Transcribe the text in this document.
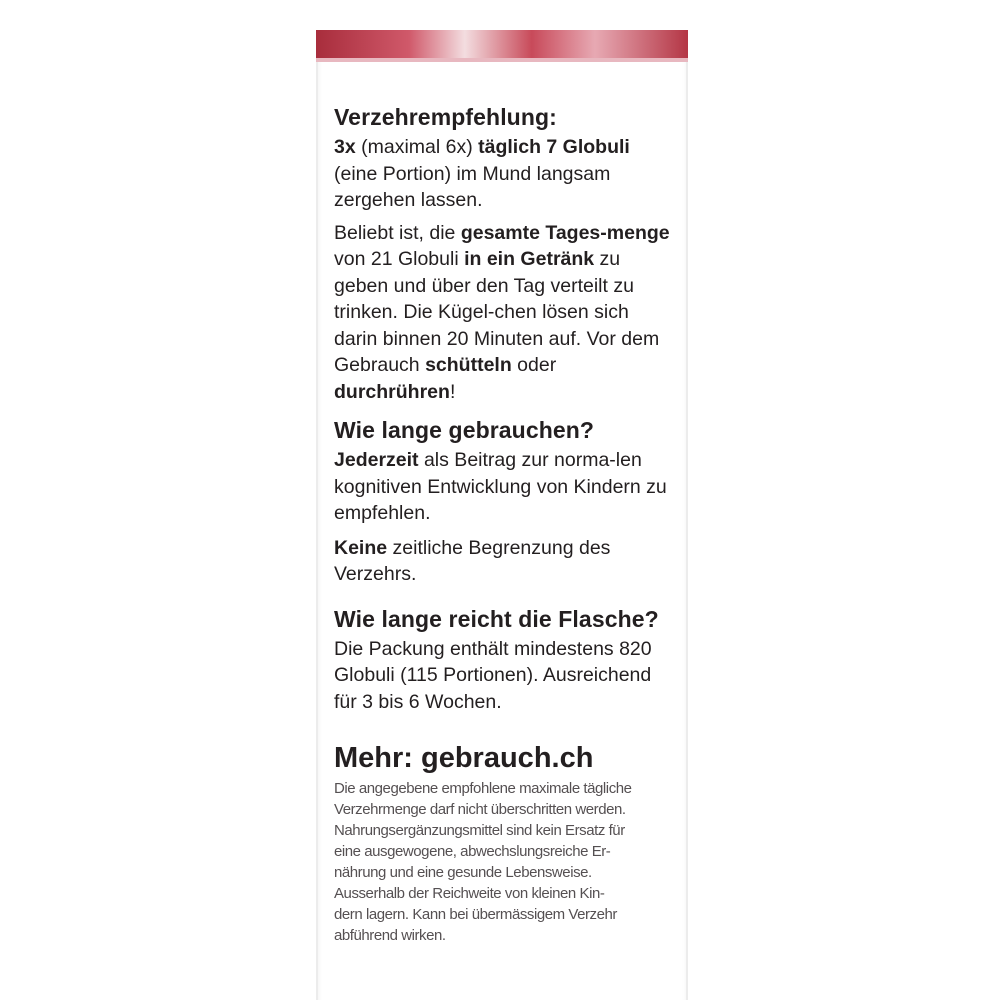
Verzehrempfehlung:

3x (maximal 6x) täglich 7 Globuli (eine Portion) im Mund langsam zergehen lassen.

Beliebt ist, die gesamte Tages-menge von 21 Globuli in ein Getränk zu geben und über den Tag verteilt zu trinken. Die Kügel-chen lösen sich darin binnen 20 Minuten auf. Vor dem Gebrauch schütteln oder durchrühren!

Wie lange gebrauchen?

Jederzeit als Beitrag zur norma-len kognitiven Entwicklung von Kindern zu empfehlen.

Keine zeitliche Begrenzung des Verzehrs.

Wie lange reicht die Flasche?

Die Packung enthält mindestens 820 Globuli (115 Portionen). Ausreichend für 3 bis 6 Wochen.

Mehr: gebrauch.ch
Die angegebene empfohlene maximale tägliche
Verzehrmenge darf nicht überschritten werden.
Nahrungsergänzungsmittel sind kein Ersatz für
eine ausgewogene, abwechslungsreiche Er-
nährung und eine gesunde Lebensweise.
Ausserhalb der Reichweite von kleinen Kin-
dern lagern. Kann bei übermässigem Verzehr
abführend wirken.
